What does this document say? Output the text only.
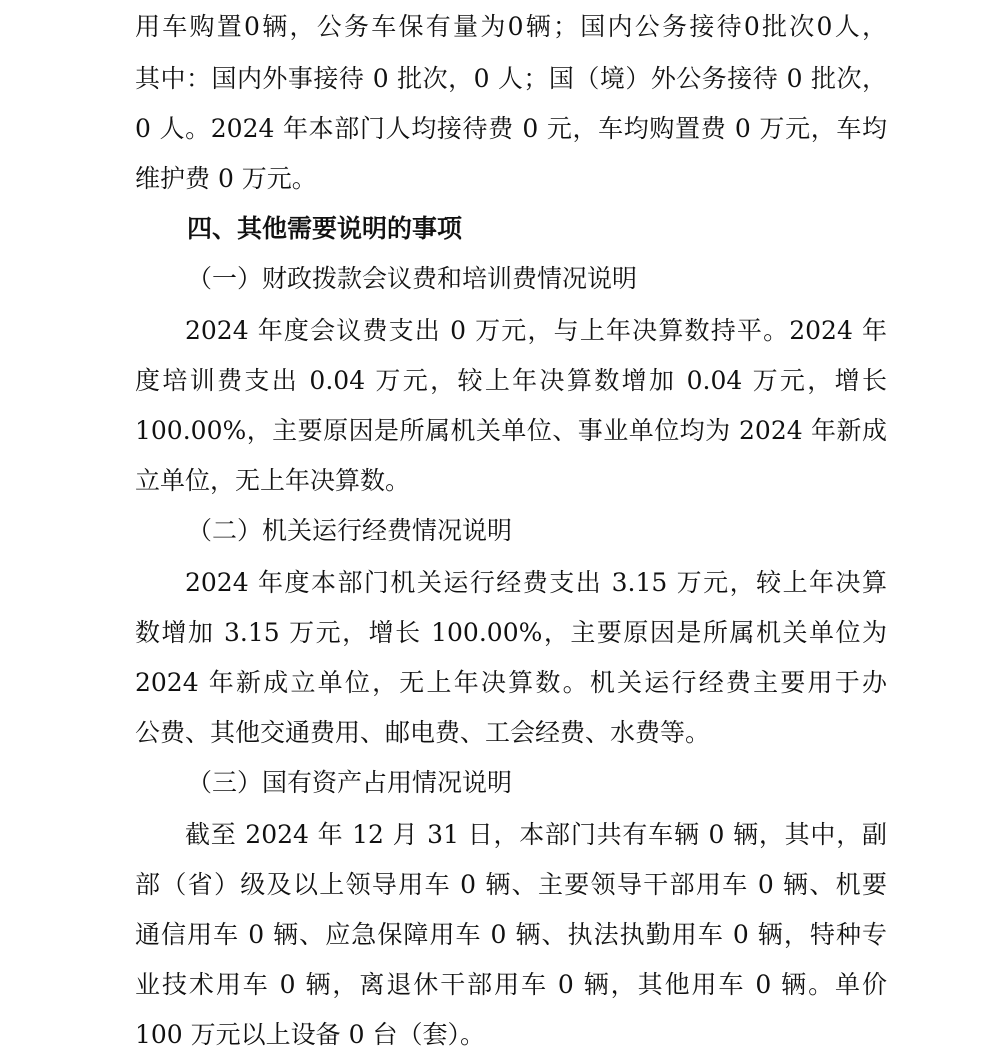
用车购置0辆，公务车保有量为0辆；国内公务接待0批次0人，
其中：国内外事接待 0 批次，0 人；国（境）外公务接待 0 批次，
0 人。2024 年本部门人均接待费 0 元，车均购置费 0 万元，车均
维护费 0 万元。
四、其他需要说明的事项
（一）财政拨款会议费和培训费情况说明
2024 年度会议费支出 0 万元，与上年决算数持平。2024 年
度培训费支出 0.04 万元，较上年决算数增加 0.04 万元，增长
100.00%，主要原因是所属机关单位、事业单位均为 2024 年新成
立单位，无上年决算数。
（二）机关运行经费情况说明
2024 年度本部门机关运行经费支出 3.15 万元，较上年决算
数增加 3.15 万元，增长 100.00%，主要原因是所属机关单位为
2024 年新成立单位，无上年决算数。机关运行经费主要用于办
公费、其他交通费用、邮电费、工会经费、水费等。
（三）国有资产占用情况说明
截至 2024 年 12 月 31 日，本部门共有车辆 0 辆，其中，副
部（省）级及以上领导用车 0 辆、主要领导干部用车 0 辆、机要
通信用车 0 辆、应急保障用车 0 辆、执法执勤用车 0 辆，特种专
业技术用车 0 辆，离退休干部用车 0 辆，其他用车 0 辆。单价
100 万元以上设备 0 台（套）。
